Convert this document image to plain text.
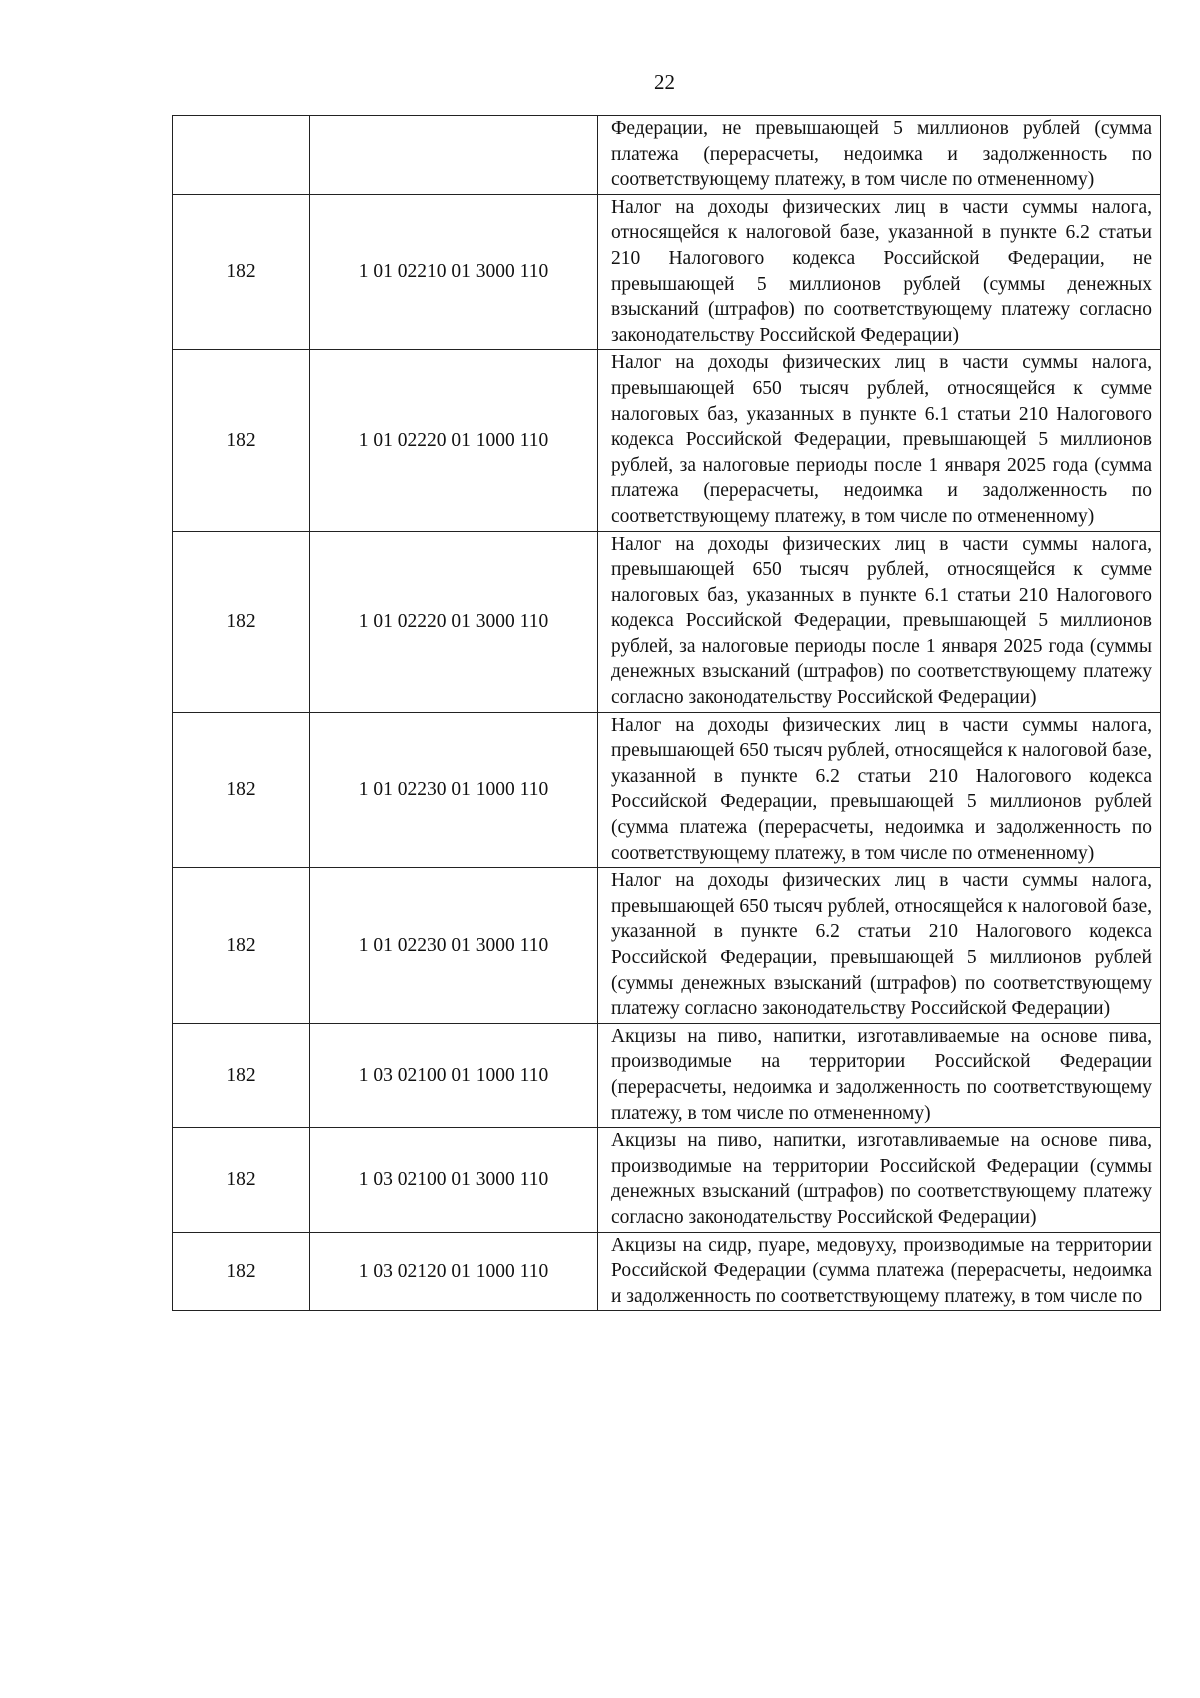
22
		Федерации, не превышающей 5 миллионов рублей (сумма платежа (перерасчеты, недоимка и задолженность по соответствующему платежу, в том числе по отмененному)
182	1 01 02210 01 3000 110	Налог на доходы физических лиц в части суммы налога, относящейся к налоговой базе, указанной в пункте 6.2 статьи 210 Налогового кодекса Российской Федерации, не превышающей 5 миллионов рублей (суммы денежных взысканий (штрафов) по соответствующему платежу согласно законодательству Российской Федерации)
182	1 01 02220 01 1000 110	Налог на доходы физических лиц в части суммы налога, превышающей 650 тысяч рублей, относящейся к сумме налоговых баз, указанных в пункте 6.1 статьи 210 Налогового кодекса Российской Федерации, превышающей 5 миллионов рублей, за налоговые периоды после 1 января 2025 года (сумма платежа (перерасчеты, недоимка и задолженность по соответствующему платежу, в том числе по отмененному)
182	1 01 02220 01 3000 110	Налог на доходы физических лиц в части суммы налога, превышающей 650 тысяч рублей, относящейся к сумме налоговых баз, указанных в пункте 6.1 статьи 210 Налогового кодекса Российской Федерации, превышающей 5 миллионов рублей, за налоговые периоды после 1 января 2025 года (суммы денежных взысканий (штрафов) по соответствующему платежу согласно законодательству Российской Федерации)
182	1 01 02230 01 1000 110	Налог на доходы физических лиц в части суммы налога, превышающей 650 тысяч рублей, относящейся к налоговой базе, указанной в пункте 6.2 статьи 210 Налогового кодекса Российской Федерации, превышающей 5 миллионов рублей (сумма платежа (перерасчеты, недоимка и задолженность по соответствующему платежу, в том числе по отмененному)
182	1 01 02230 01 3000 110	Налог на доходы физических лиц в части суммы налога, превышающей 650 тысяч рублей, относящейся к налоговой базе, указанной в пункте 6.2 статьи 210 Налогового кодекса Российской Федерации, превышающей 5 миллионов рублей (суммы денежных взысканий (штрафов) по соответствующему платежу согласно законодательству Российской Федерации)
182	1 03 02100 01 1000 110	Акцизы на пиво, напитки, изготавливаемые на основе пива, производимые на территории Российской Федерации (перерасчеты, недоимка и задолженность по соответствующему платежу, в том числе по отмененному)
182	1 03 02100 01 3000 110	Акцизы на пиво, напитки, изготавливаемые на основе пива, производимые на территории Российской Федерации (суммы денежных взысканий (штрафов) по соответствующему платежу согласно законодательству Российской Федерации)
182	1 03 02120 01 1000 110	Акцизы на сидр, пуаре, медовуху, производимые на территории Российской Федерации (сумма платежа (перерасчеты, недоимка и задолженность по соответствующему платежу, в том числе по
